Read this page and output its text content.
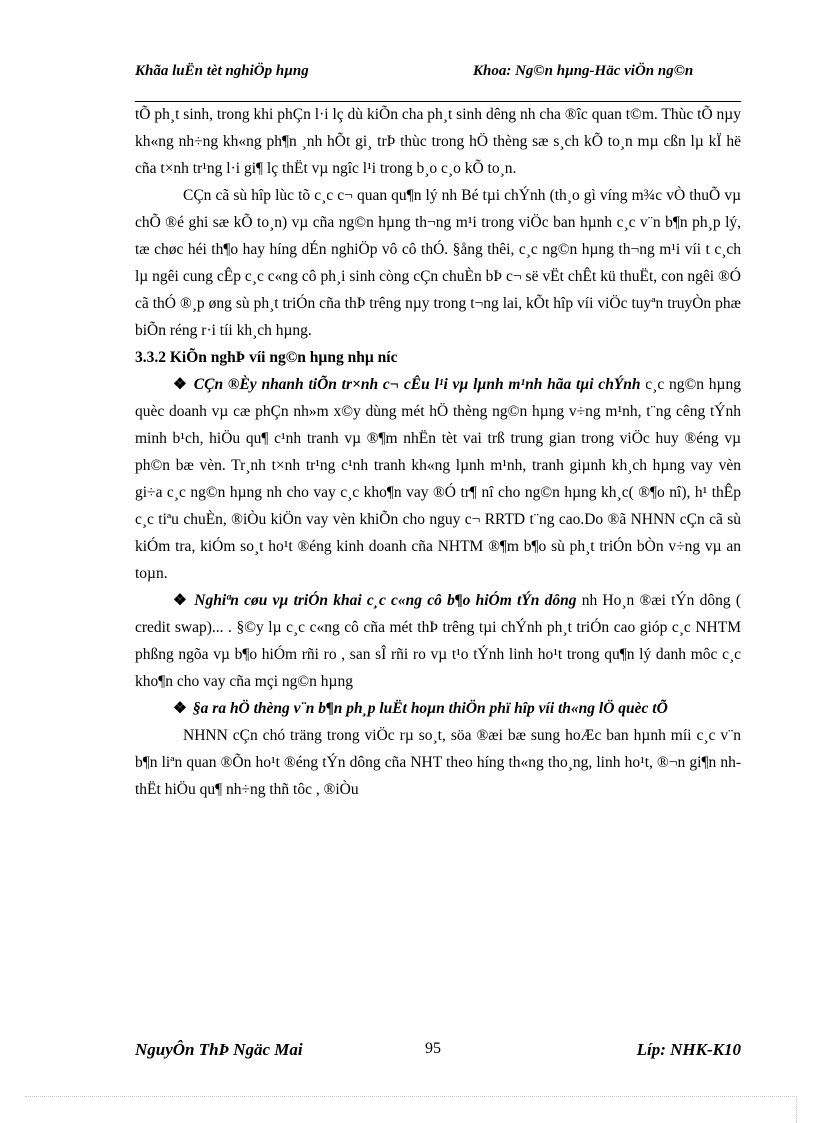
Khãa luËn tèt nghiÖp hµng	Khoa: Ng©n hµng-Häc viÖn ng©n

tÕ ph¸t sinh, trong khi phÇn l·i lç dù kiÕn cha ph¸t sinh dêng nh cha ®îc quan t©m. Thùc tÕ nµy kh«ng nh÷ng kh«ng ph¶n ¸nh hÕt gi¸ trÞ thùc trong hÖ thèng sæ s¸ch kÕ to¸n mµ cßn lµ kÏ hë cña t×nh tr¹ng l·i gi¶ lç thËt vµ ngîc l¹i trong b¸o c¸o kÕ to¸n.

CÇn cã sù hîp lùc tõ c¸c c¬ quan qu¶n lý nh Bé tµi chÝnh (th¸o gì víng m¾c vÒ thuÕ vµ chÕ ®é ghi sæ kÕ to¸n) vµ cña ng©n hµng th¬ng m¹i trong viÖc ban hµnh c¸c v¨n b¶n ph¸p lý, tæ chøc héi th¶o hay híng dÉn nghiÖp vô cô thÓ. §ång thêi, c¸c ng©n hµng th¬ng m¹i víi t c¸ch lµ ngêi cung cÊp c¸c c«ng cô ph¸i sinh còng cÇn chuÈn bÞ c¬ së vËt chÊt kü thuËt, con ngêi ®Ó cã thÓ ®¸p øng sù ph¸t triÓn cña thÞ trêng nµy trong t¬ng lai, kÕt hîp víi viÖc tuyªn truyÒn phæ biÕn réng r·i tíi kh¸ch hµng.

3.3.2 KiÕn nghÞ víi ng©n hµng nhµ níc

❖ CÇn ®Èy nhanh tiÕn tr×nh c¬ cÊu l¹i vµ lµnh m¹nh hãa tµi chÝnh c¸c ng©n hµng quèc doanh vµ cæ phÇn nh»m x©y dùng mét hÖ thèng ng©n hµng v÷ng m¹nh, t¨ng cêng tÝnh minh b¹ch, hiÖu qu¶ c¹nh tranh vµ ®¶m nhËn tèt vai trß trung gian trong viÖc huy ®éng vµ ph©n bæ vèn. Tr¸nh t×nh tr¹ng c¹nh tranh kh«ng lµnh m¹nh, tranh giµnh kh¸ch hµng vay vèn gi÷a c¸c ng©n hµng nh cho vay c¸c kho¶n vay ®Ó tr¶ nî cho ng©n hµng kh¸c( ®¶o nî), h¹ thÊp c¸c tiªu chuÈn, ®iÒu kiÖn vay vèn khiÕn cho nguy c¬ RRTD t¨ng cao.Do ®ã NHNN cÇn cã sù kiÓm tra, kiÓm so¸t ho¹t ®éng kinh doanh cña NHTM ®¶m b¶o sù ph¸t triÓn bÒn v÷ng vµ an toµn.

❖ Nghiªn cøu vµ triÓn khai c¸c c«ng cô b¶o hiÓm tÝn dông nh Ho¸n ®æi tÝn dông ( credit swap)... . §©y lµ c¸c c«ng cô cña mét thÞ trêng tµi chÝnh ph¸t triÓn cao gióp c¸c NHTM phßng ngõa vµ b¶o hiÓm rñi ro , san sÎ rñi ro vµ t¹o tÝnh linh ho¹t trong qu¶n lý danh môc c¸c kho¶n cho vay cña mçi ng©n hµng

❖ §a ra hÖ thèng v¨n b¶n ph¸p luËt hoµn thiÖn phï hîp víi th«ng lÖ quèc tÕ

NHNN cÇn chó träng trong viÖc rµ so¸t, söa ®æi bæ sung hoÆc ban hµnh míi c¸c v¨n b¶n liªn quan ®Õn ho¹t ®éng tÝn dông cña NHT theo híng th«ng tho¸ng, linh ho¹t, ®¬n gi¶n nh thËt hiÖu qu¶ nh÷ng thñ tôc , ®iÒu

NguyÔn ThÞ Ngäc Mai	95	Líp: NHK-K10
